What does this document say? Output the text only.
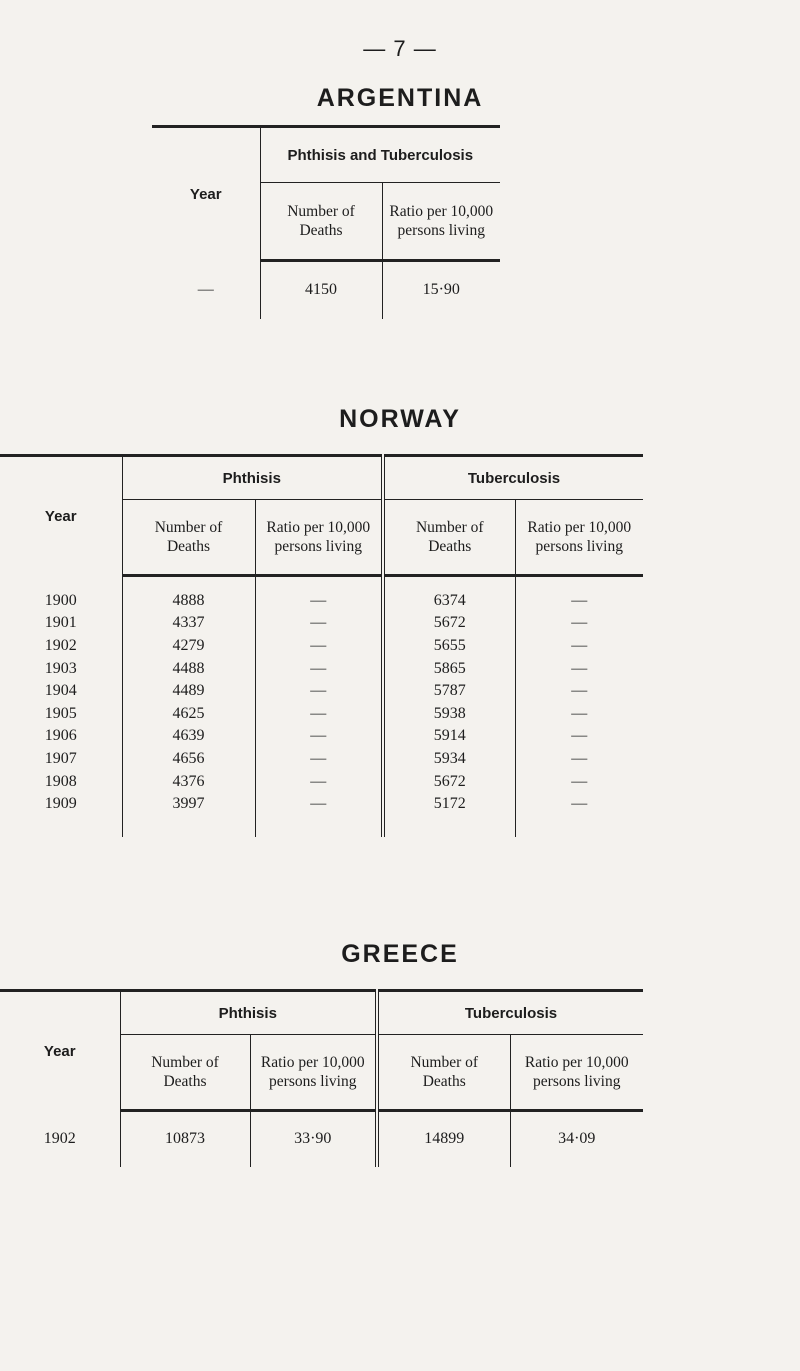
— 7 —
ARGENTINA
Year	Phthisis and Tuberculosis	
	Number of Deaths	Ratio per 10,000 persons living
—	4150	15·90
NORWAY
Year	Phthisis		Tuberculosis	
	Number of Deaths	Ratio per 10,000 persons living	Number of Deaths	Ratio per 10,000 persons living

1900	4888	—	6374	—
1901	4337	—	5672	—
1902	4279	—	5655	—
1903	4488	—	5865	—
1904	4489	—	5787	—
1905	4625	—	5938	—
1906	4639	—	5914	—
1907	4656	—	5934	—
1908	4376	—	5672	—
1909	3997	—	5172	—

GREECE
Year	Phthisis		Tuberculosis	
	Number of Deaths	Ratio per 10,000 persons living	Number of Deaths	Ratio per 10,000 persons living
1902	10873	33·90	14899	34·09
